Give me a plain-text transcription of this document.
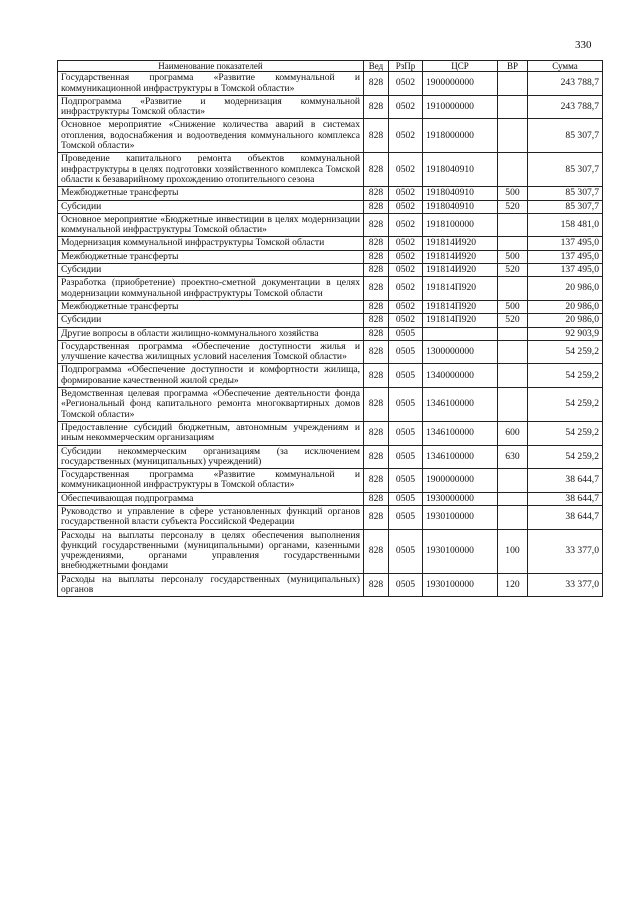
330
Наименование показателей	Вед	РзПр	ЦСР	ВР	Сумма
Государственная программа «Развитие коммунальной и коммуникационной инфраструктуры в Томской области»	828	0502	1900000000		243 788,7
Подпрограмма «Развитие и модернизация коммунальной инфраструктуры Томской области»	828	0502	1910000000		243 788,7
Основное мероприятие «Снижение количества аварий в системах отопления, водоснабжения и водоотведения коммунального комплекса Томской области»	828	0502	1918000000		85 307,7
Проведение капитального ремонта объектов коммунальной инфраструктуры в целях подготовки хозяйственного комплекса Томской области к безаварийному прохождению отопительного сезона	828	0502	1918040910		85 307,7
Межбюджетные трансферты	828	0502	1918040910	500	85 307,7
Субсидии	828	0502	1918040910	520	85 307,7
Основное мероприятие «Бюджетные инвестиции в целях модернизации коммунальной инфраструктуры Томской области»	828	0502	1918100000		158 481,0
Модернизация коммунальной инфраструктуры Томской области	828	0502	191814И920		137 495,0
Межбюджетные трансферты	828	0502	191814И920	500	137 495,0
Субсидии	828	0502	191814И920	520	137 495,0
Разработка (приобретение) проектно-сметной документации в целях модернизации коммунальной инфраструктуры Томской области	828	0502	191814П920		20 986,0
Межбюджетные трансферты	828	0502	191814П920	500	20 986,0
Субсидии	828	0502	191814П920	520	20 986,0
Другие вопросы в области жилищно-коммунального хозяйства	828	0505			92 903,9
Государственная программа «Обеспечение доступности жилья и улучшение качества жилищных условий населения Томской области»	828	0505	1300000000		54 259,2
Подпрограмма «Обеспечение доступности и комфортности жилища, формирование качественной жилой среды»	828	0505	1340000000		54 259,2
Ведомственная целевая программа «Обеспечение деятельности фонда «Региональный фонд капитального ремонта многоквартирных домов Томской области»	828	0505	1346100000		54 259,2
Предоставление субсидий бюджетным, автономным учреждениям и иным некоммерческим организациям	828	0505	1346100000	600	54 259,2
Субсидии некоммерческим организациям (за исключением государственных (муниципальных) учреждений)	828	0505	1346100000	630	54 259,2
Государственная программа «Развитие коммунальной и коммуникационной инфраструктуры в Томской области»	828	0505	1900000000		38 644,7
Обеспечивающая подпрограмма	828	0505	1930000000		38 644,7
Руководство и управление в сфере установленных функций органов государственной власти субъекта Российской Федерации	828	0505	1930100000		38 644,7
Расходы на выплаты персоналу в целях обеспечения выполнения функций государственными (муниципальными) органами, казенными учреждениями, органами управления государственными внебюджетными фондами	828	0505	1930100000	100	33 377,0
Расходы на выплаты персоналу государственных (муниципальных) органов	828	0505	1930100000	120	33 377,0
